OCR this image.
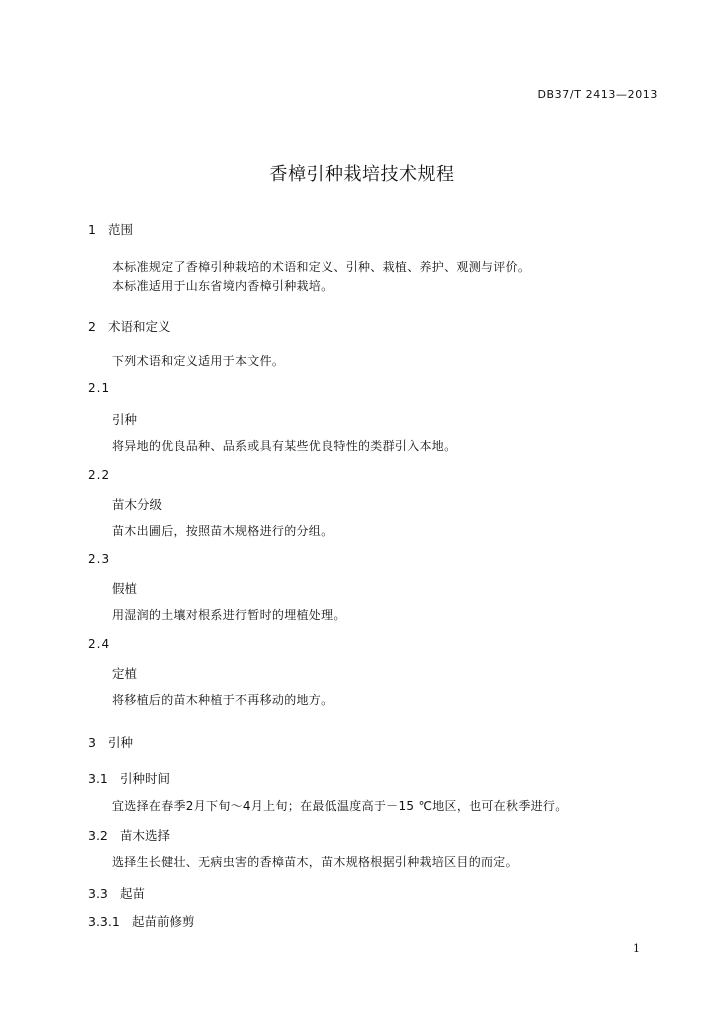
DB37/T 2413—2013
香樟引种栽培技术规程
1 范围
本标准规定了香樟引种栽培的术语和定义、引种、栽植、养护、观测与评价。
本标准适用于山东省境内香樟引种栽培。
2 术语和定义
下列术语和定义适用于本文件。
2.1
引种
将异地的优良品种、品系或具有某些优良特性的类群引入本地。
2.2
苗木分级
苗木出圃后，按照苗木规格进行的分组。
2.3
假植
用湿润的土壤对根系进行暂时的埋植处理。
2.4
定植
将移植后的苗木种植于不再移动的地方。
3 引种
3.1 引种时间
宜选择在春季2月下旬～4月上旬；在最低温度高于－15 ℃地区，也可在秋季进行。
3.2 苗木选择
选择生长健壮、无病虫害的香樟苗木，苗木规格根据引种栽培区目的而定。
3.3 起苗
3.3.1 起苗前修剪
1
